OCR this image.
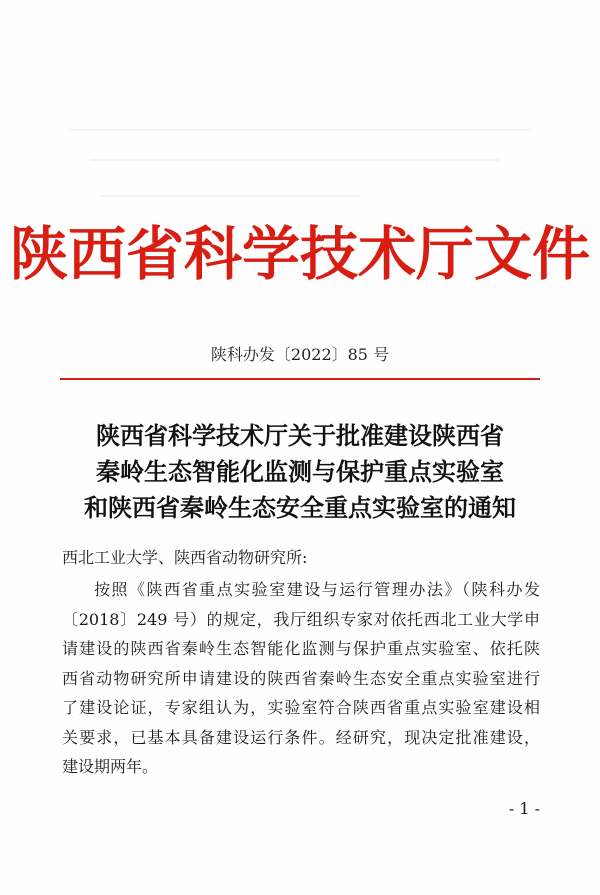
陕西省科学技术厅文件
陕科办发〔2022〕85 号
陕西省科学技术厅关于批准建设陕西省
秦岭生态智能化监测与保护重点实验室
和陕西省秦岭生态安全重点实验室的通知
西北工业大学、陕西省动物研究所:
按照《陕西省重点实验室建设与运行管理办法》（陕科办发
〔2018〕249 号）的规定，我厅组织专家对依托西北工业大学申
请建设的陕西省秦岭生态智能化监测与保护重点实验室、依托陕
西省动物研究所申请建设的陕西省秦岭生态安全重点实验室进行
了建设论证，专家组认为，实验室符合陕西省重点实验室建设相
关要求，已基本具备建设运行条件。经研究，现决定批准建设，
建设期两年。
- 1 -
